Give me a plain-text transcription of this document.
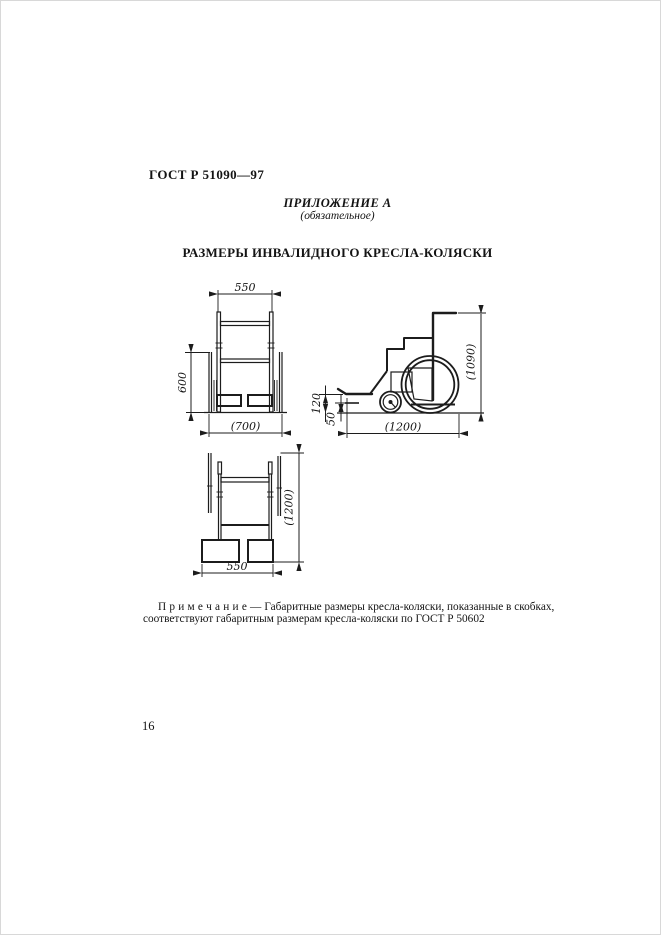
ГОСТ Р 51090—97
ПРИЛОЖЕНИЕ А
(обязательное)
РАЗМЕРЫ ИНВАЛИДНОГО КРЕСЛА-КОЛЯСКИ
550
600
(700)
(1090)
120
50
(1200)
550
(1200)

П р и м е ч а н и е — Габаритные размеры кресла-коляски, показанные в скобках,
соответствуют габаритным размерам кресла-коляски по ГОСТ Р 50602

16
